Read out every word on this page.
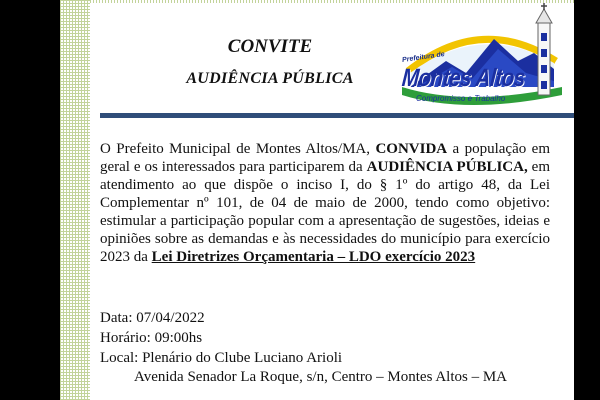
CONVITE
AUDIÊNCIA PÚBLICA
Prefeitura de
Montes Altos
Compromisso e Trabalho

O Prefeito Municipal de Montes Altos/MA, CONVIDA a população em geral e os interessados para participarem da AUDIÊNCIA PÚBLICA, em atendimento ao que dispõe o inciso I, do § 1º do artigo 48, da Lei Complementar nº 101, de 04 de maio de 2000, tendo como objetivo: estimular a participação popular com a apresentação de sugestões, ideias e opiniões sobre as demandas e às necessidades do município para exercício 2023 da Lei Diretrizes Orçamentaria – LDO exercício 2023

Data: 07/04/2022

Horário: 09:00hs

Local: Plenário do Clube Luciano Arioli

Avenida Senador La Roque, s/n, Centro – Montes Altos – MA
